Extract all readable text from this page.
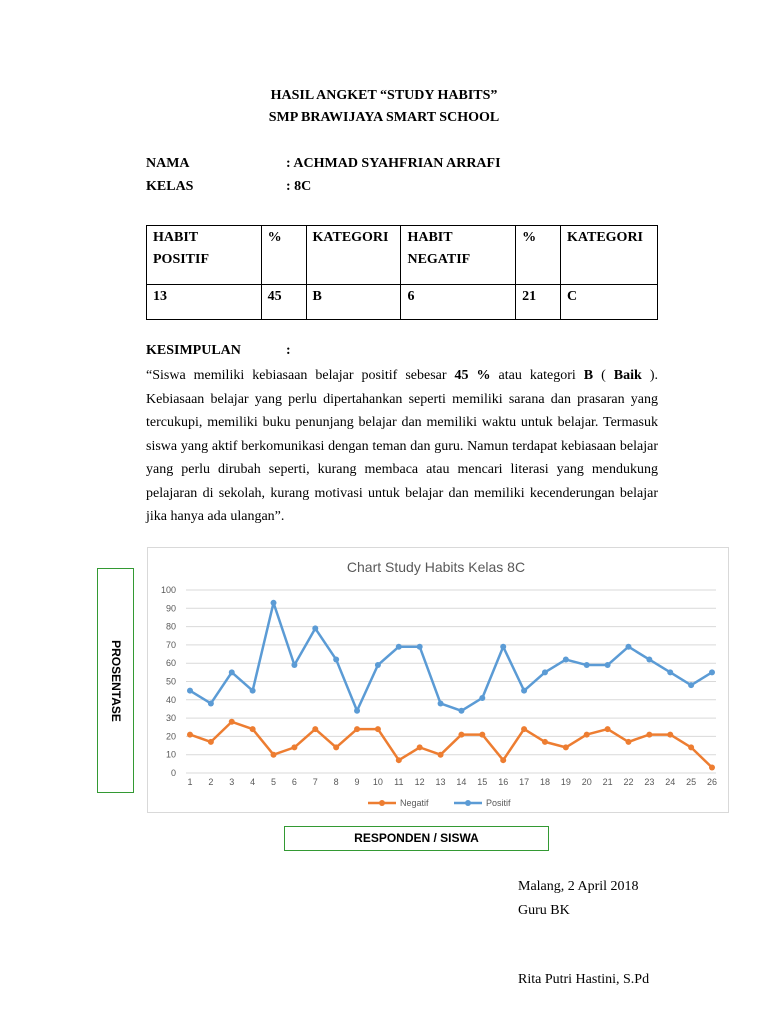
HASIL ANGKET “STUDY HABITS”
SMP BRAWIJAYA SMART SCHOOL
NAMA	: ACHMAD SYAHFRIAN ARRAFI
KELAS	: 8C
HABIT POSITIF	%	KATEGORI	HABIT NEGATIF	%	KATEGORI
13	45	B	6	21	C
KESIMPULAN	:
“Siswa memiliki kebiasaan belajar positif sebesar 45 % atau kategori B ( Baik ). Kebiasaan belajar yang perlu dipertahankan seperti memiliki sarana dan prasaran yang tercukupi, memiliki buku penunjang belajar dan memiliki waktu untuk belajar. Termasuk siswa yang aktif berkomunikasi dengan teman dan guru. Namun terdapat kebiasaan belajar yang perlu dirubah seperti, kurang membaca atau mencari literasi yang mendukung pelajaran di sekolah, kurang motivasi untuk belajar dan memiliki kecenderungan belajar jika hanya ada ulangan”.
Chart Study Habits Kelas 8C
0
10
20
30
40
50
60
70
80
90
100
1 2 3 4 5 6 7 8 9 10 11 12 13 14 15 16 17 18 19 20 21 22 23 24 25 26
Negatif	Positif
PROSENTASE
RESPONDEN / SISWA
Malang, 2 April 2018
Guru BK
Rita Putri Hastini, S.Pd
